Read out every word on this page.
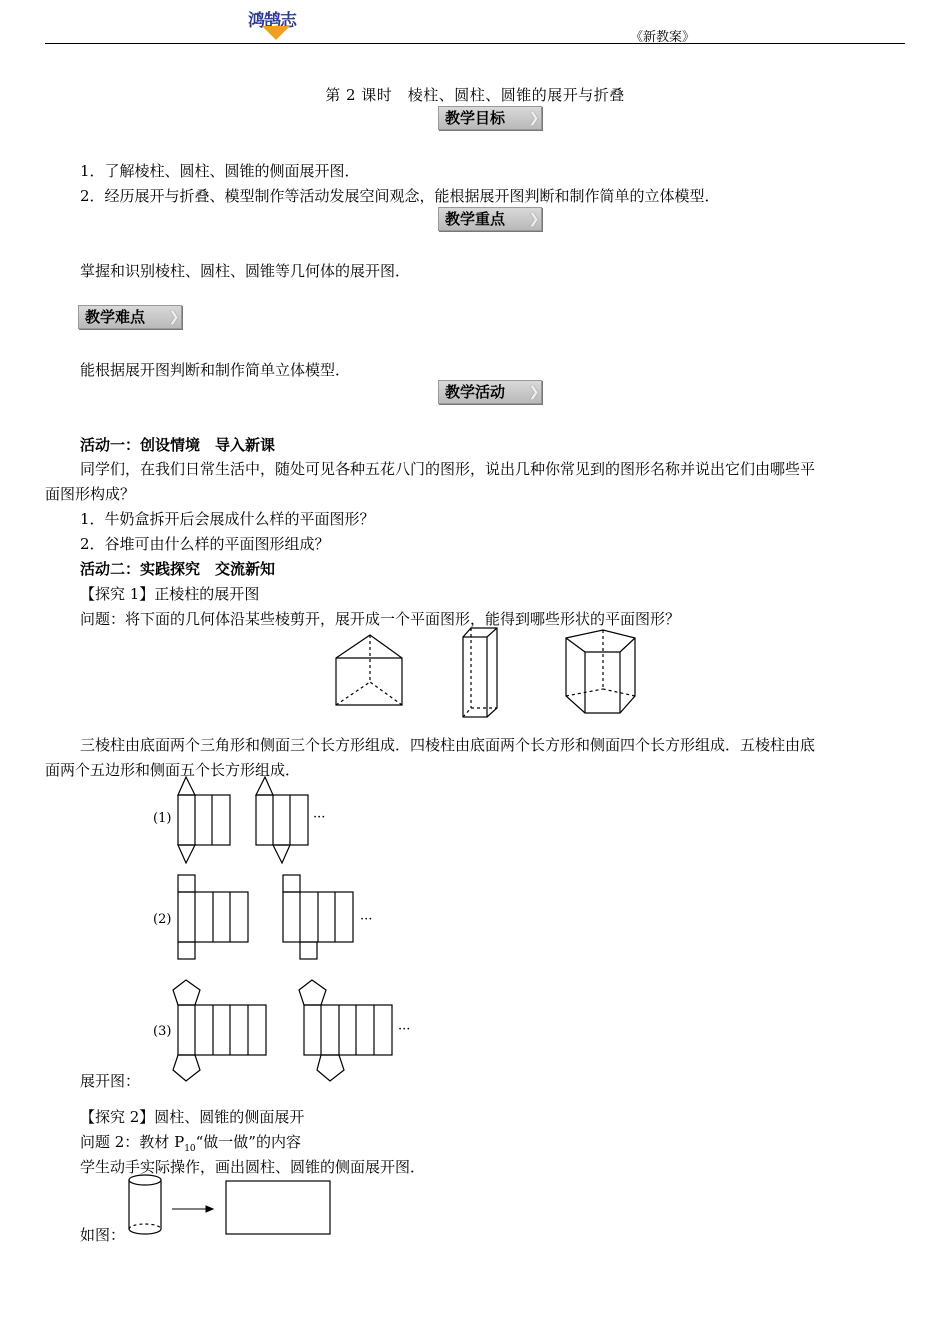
鸿鹄志
《新教案》
第 2 课时　棱柱、圆柱、圆锥的展开与折叠
教学目标 ❯
1．了解棱柱、圆柱、圆锥的侧面展开图．
2．经历展开与折叠、模型制作等活动发展空间观念，能根据展开图判断和制作简单的立体模型．
教学重点 ❯
掌握和识别棱柱、圆柱、圆锥等几何体的展开图．
教学难点 ❯
能根据展开图判断和制作简单立体模型．
教学活动 ❯
活动一：创设情境　导入新课
同学们，在我们日常生活中，随处可见各种五花八门的图形，说出几种你常见到的图形名称并说出它们由哪些平
面图形构成？
1．牛奶盒拆开后会展成什么样的平面图形？
2．谷堆可由什么样的平面图形组成？
活动二：实践探究　交流新知
【探究 1】正棱柱的展开图
问题：将下面的几何体沿某些棱剪开，展开成一个平面图形，能得到哪些形状的平面图形？
三棱柱由底面两个三角形和侧面三个长方形组成．四棱柱由底面两个长方形和侧面四个长方形组成．五棱柱由底
面两个五边形和侧面五个长方形组成．
(1)
(2)
(3)
···
···
···
展开图：
【探究 2】圆柱、圆锥的侧面展开
问题 2：教材 $P_{10}“$做一做”的内容
学生动手实际操作，画出圆柱、圆锥的侧面展开图．
如图：
